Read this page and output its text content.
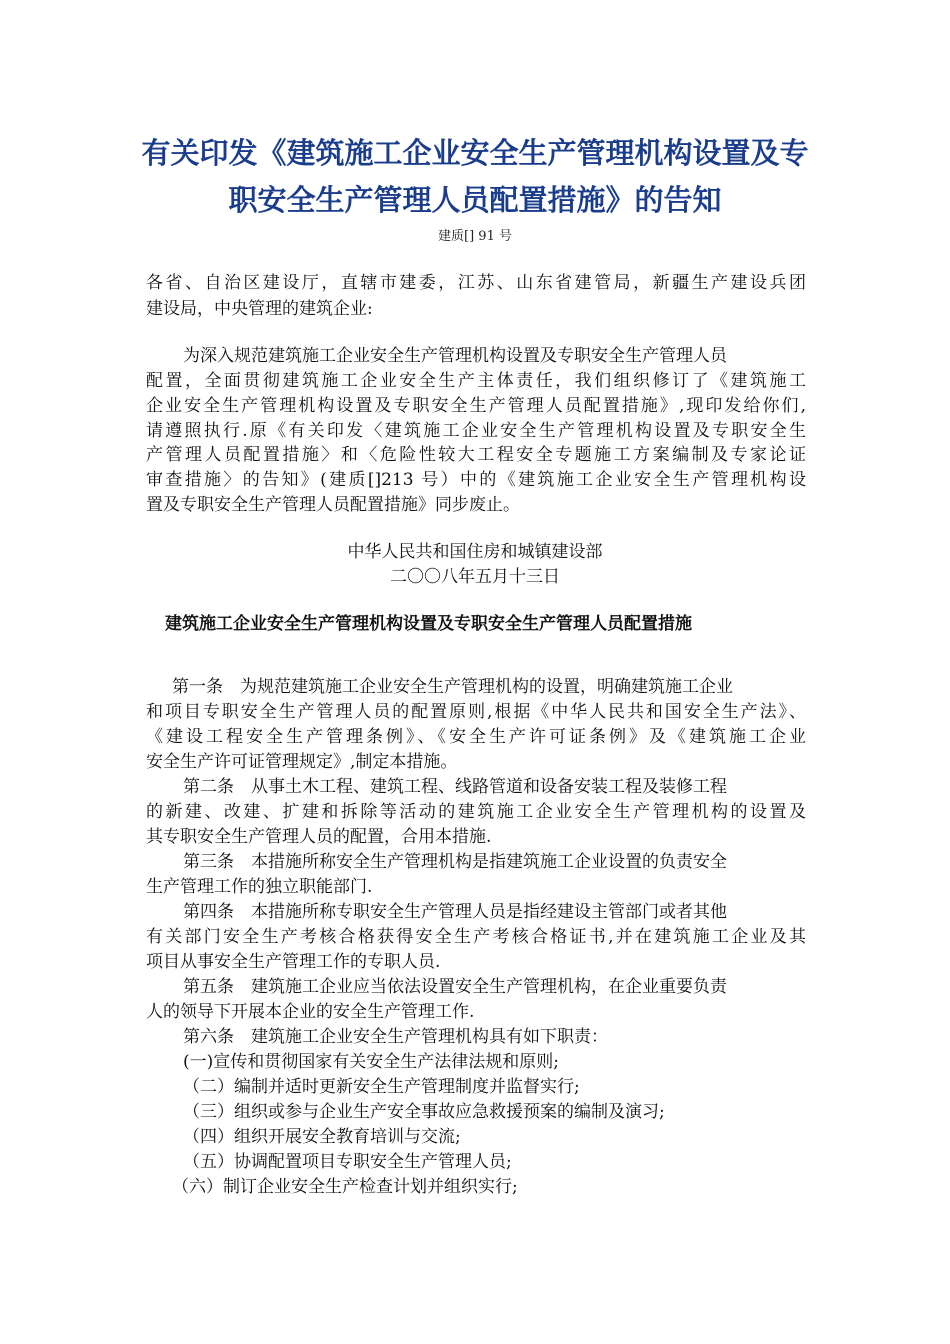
有关印发《建筑施工企业安全生产管理机构设置及专
职安全生产管理人员配置措施》的告知
建质[] 91 号
各省、自治区建设厅，直辖市建委，江苏、山东省建管局，新疆生产建设兵团
建设局，中央管理的建筑企业:
为深入规范建筑施工企业安全生产管理机构设置及专职安全生产管理人员
配置，全面贯彻建筑施工企业安全生产主体责任，我们组织修订了《建筑施工
企业安全生产管理机构设置及专职安全生产管理人员配置措施》,现印发给你们,
请遵照执行.原《有关印发〈建筑施工企业安全生产管理机构设置及专职安全生
产管理人员配置措施〉和〈危险性较大工程安全专题施工方案编制及专家论证
审查措施〉的告知》(建质[]213 号）中的《建筑施工企业安全生产管理机构设
置及专职安全生产管理人员配置措施》同步废止。
中华人民共和国住房和城镇建设部
二〇〇八年五月十三日
建筑施工企业安全生产管理机构设置及专职安全生产管理人员配置措施
第一条　为规范建筑施工企业安全生产管理机构的设置，明确建筑施工企业
和项目专职安全生产管理人员的配置原则,根据《中华人民共和国安全生产法》、
《建设工程安全生产管理条例》、《安全生产许可证条例》及《建筑施工企业
安全生产许可证管理规定》,制定本措施。
第二条　从事土木工程、建筑工程、线路管道和设备安装工程及装修工程
的新建、改建、扩建和拆除等活动的建筑施工企业安全生产管理机构的设置及
其专职安全生产管理人员的配置，合用本措施.
第三条　本措施所称安全生产管理机构是指建筑施工企业设置的负责安全
生产管理工作的独立职能部门.
第四条　本措施所称专职安全生产管理人员是指经建设主管部门或者其他
有关部门安全生产考核合格获得安全生产考核合格证书,并在建筑施工企业及其
项目从事安全生产管理工作的专职人员.
第五条　建筑施工企业应当依法设置安全生产管理机构，在企业重要负责
人的领导下开展本企业的安全生产管理工作.
第六条　建筑施工企业安全生产管理机构具有如下职责：
(一)宣传和贯彻国家有关安全生产法律法规和原则;
（二）编制并适时更新安全生产管理制度并监督实行;
（三）组织或参与企业生产安全事故应急救援预案的编制及演习;
（四）组织开展安全教育培训与交流;
（五）协调配置项目专职安全生产管理人员;
（六）制订企业安全生产检查计划并组织实行;
